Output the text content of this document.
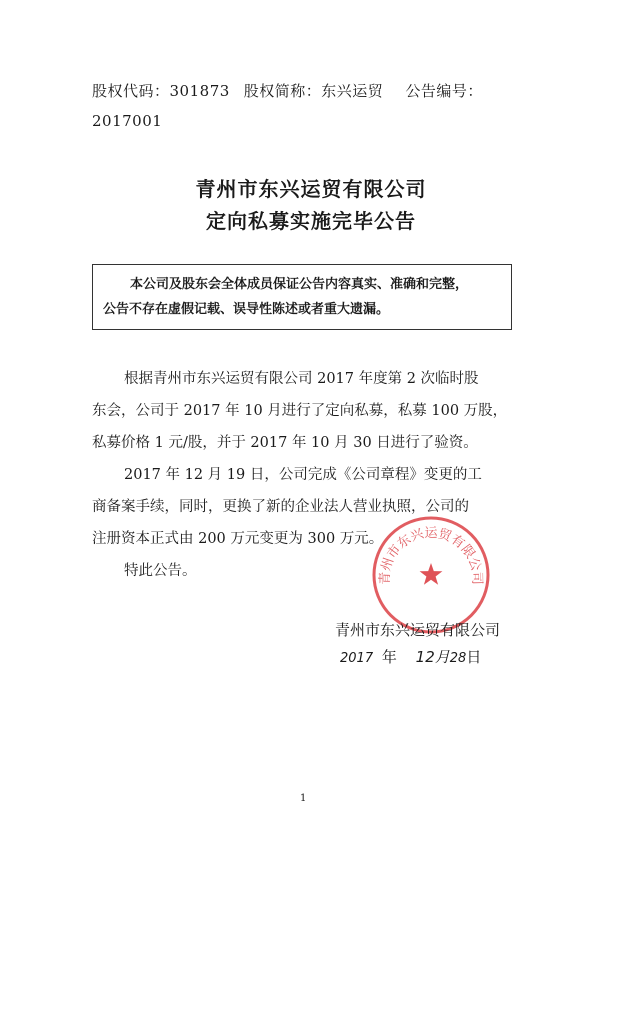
股权代码：301873 股权简称：东兴运贸 公告编号：
2017001
青州市东兴运贸有限公司
定向私募实施完毕公告
本公司及股东会全体成员保证公告内容真实、准确和完整，
公告不存在虚假记载、误导性陈述或者重大遗漏。
根据青州市东兴运贸有限公司 2017 年度第 2 次临时股
东会，公司于 2017 年 10 月进行了定向私募，私募 100 万股，
私募价格 1 元/股，并于 2017 年 10 月 30 日进行了验资。
2017 年 12 月 19 日，公司完成《公司章程》变更的工
商备案手续，同时，更换了新的企业法人营业执照，公司的
注册资本正式由 200 万元变更为 300 万元。
特此公告。	青州市东兴运贸有限公司
青州市东兴运贸有限公司
2017 年 12月28日
1
